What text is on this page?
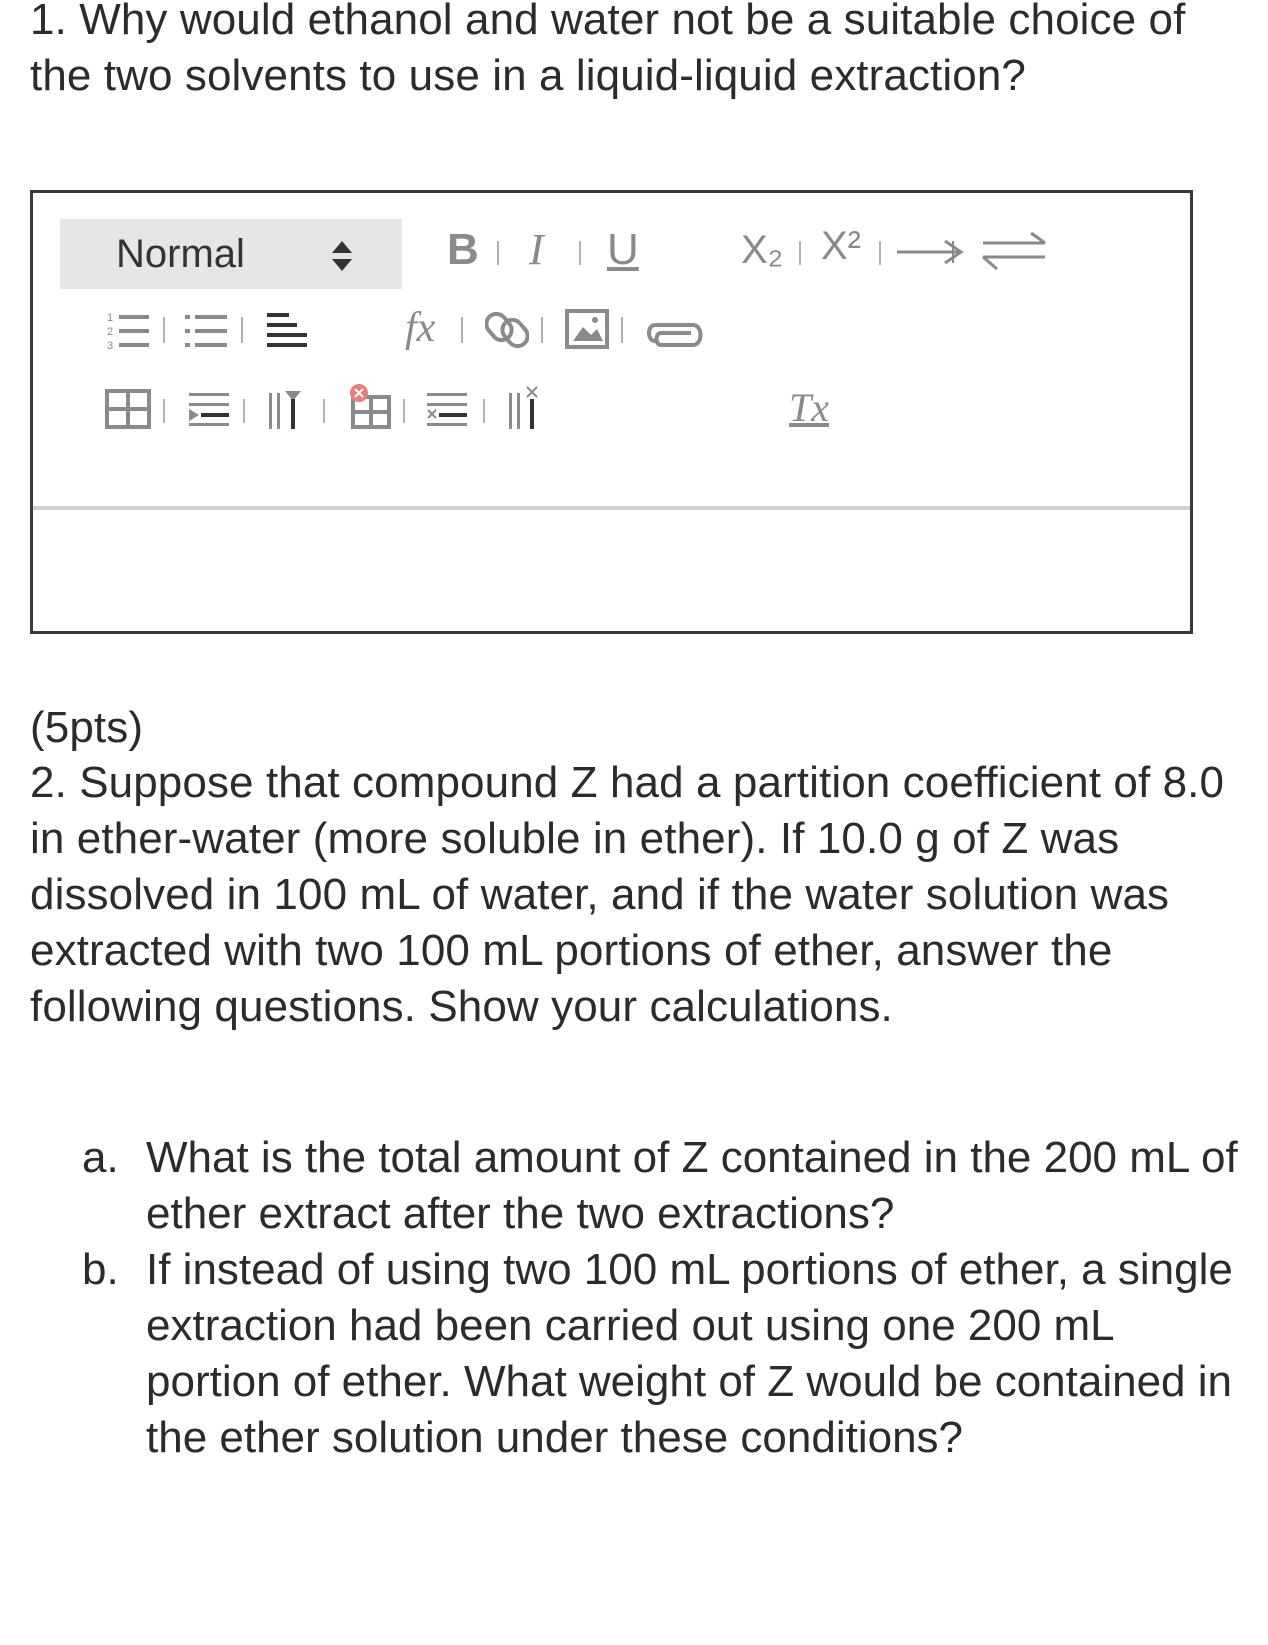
1. Why would ethanol and water not be a suitable choice of the two solvents to use in a liquid-liquid extraction?
Normal	B I U	X₂ X²
1
2
3	fx
Tx
(5pts)
2. Suppose that compound Z had a partition coefficient of 8.0 in ether-water (more soluble in ether). If 10.0 g of Z was dissolved in 100 mL of water, and if the water solution was extracted with two 100 mL portions of ether, answer the following questions. Show your calculations.
a. What is the total amount of Z contained in the 200 mL of ether extract after the two extractions?
b. If instead of using two 100 mL portions of ether, a single extraction had been carried out using one 200 mL portion of ether. What weight of Z would be contained in the ether solution under these conditions?
